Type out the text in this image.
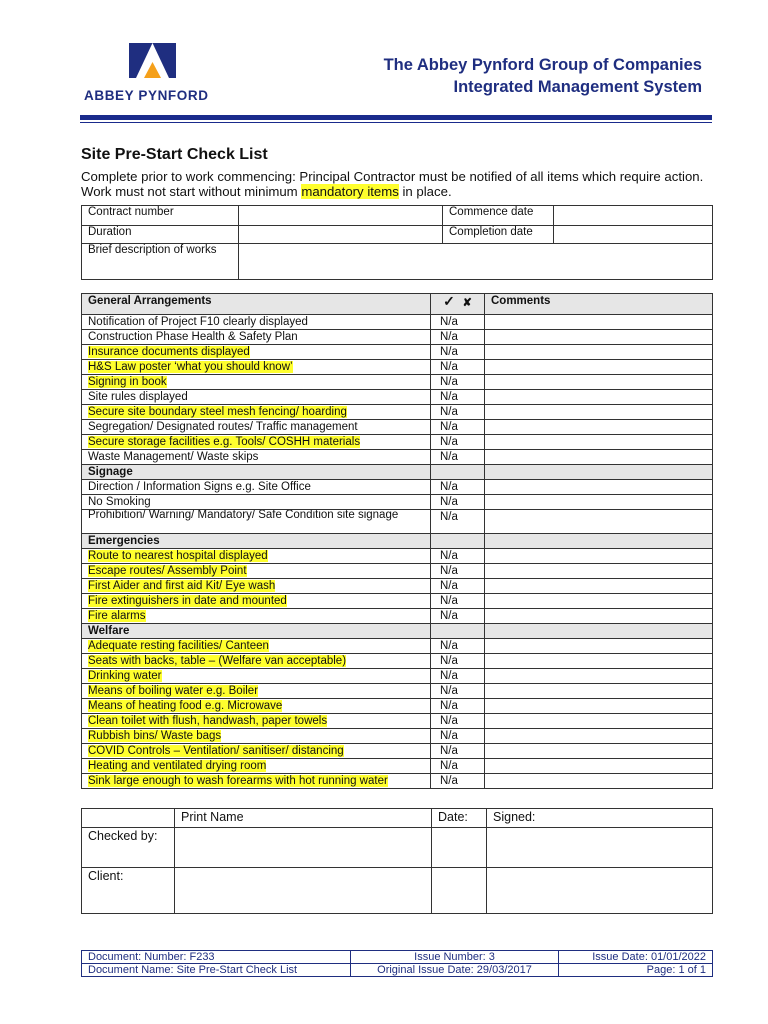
ABBEY PYNFORD
The Abbey Pynford Group of Companies
Integrated Management System
Site Pre-Start Check List
Complete prior to work commencing: Principal Contractor must be notified of all items which require action. Work must not start without minimum mandatory items in place.
Contract number		Commence date	
Duration		Completion date	
Brief description of works			
General Arrangements	✓ ✘	Comments
Notification of Project F10 clearly displayed	N/a	
Construction Phase Health & Safety Plan	N/a	
Insurance documents displayed	N/a	
H&S Law poster ‘what you should know’	N/a	
Signing in book	N/a	
Site rules displayed	N/a	
Secure site boundary steel mesh fencing/ hoarding	N/a	
Segregation/ Designated routes/ Traffic management	N/a	
Secure storage facilities e.g. Tools/ COSHH materials	N/a	
Waste Management/ Waste skips	N/a	
Signage		
Direction / Information Signs e.g. Site Office	N/a	
No Smoking	N/a	
Prohibition/ Warning/ Mandatory/ Safe Condition site signage	N/a	
Emergencies		
Route to nearest hospital displayed	N/a	
Escape routes/ Assembly Point	N/a	
First Aider and first aid Kit/ Eye wash	N/a	
Fire extinguishers in date and mounted	N/a	
Fire alarms	N/a	
Welfare		
Adequate resting facilities/ Canteen	N/a	
Seats with backs, table – (Welfare van acceptable)	N/a	
Drinking water	N/a	
Means of boiling water e.g. Boiler	N/a	
Means of heating food e.g. Microwave	N/a	
Clean toilet with flush, handwash, paper towels	N/a	
Rubbish bins/ Waste bags	N/a	
COVID Controls – Ventilation/ sanitiser/ distancing	N/a	
Heating and ventilated drying room	N/a	
Sink large enough to wash forearms with hot running water	N/a	
	Print Name	Date:	Signed:
Checked by:			
Client:			
Document: Number: F233	Issue Number: 3	Issue Date: 01/01/2022
Document Name: Site Pre-Start Check List	Original Issue Date: 29/03/2017	Page: 1 of 1
